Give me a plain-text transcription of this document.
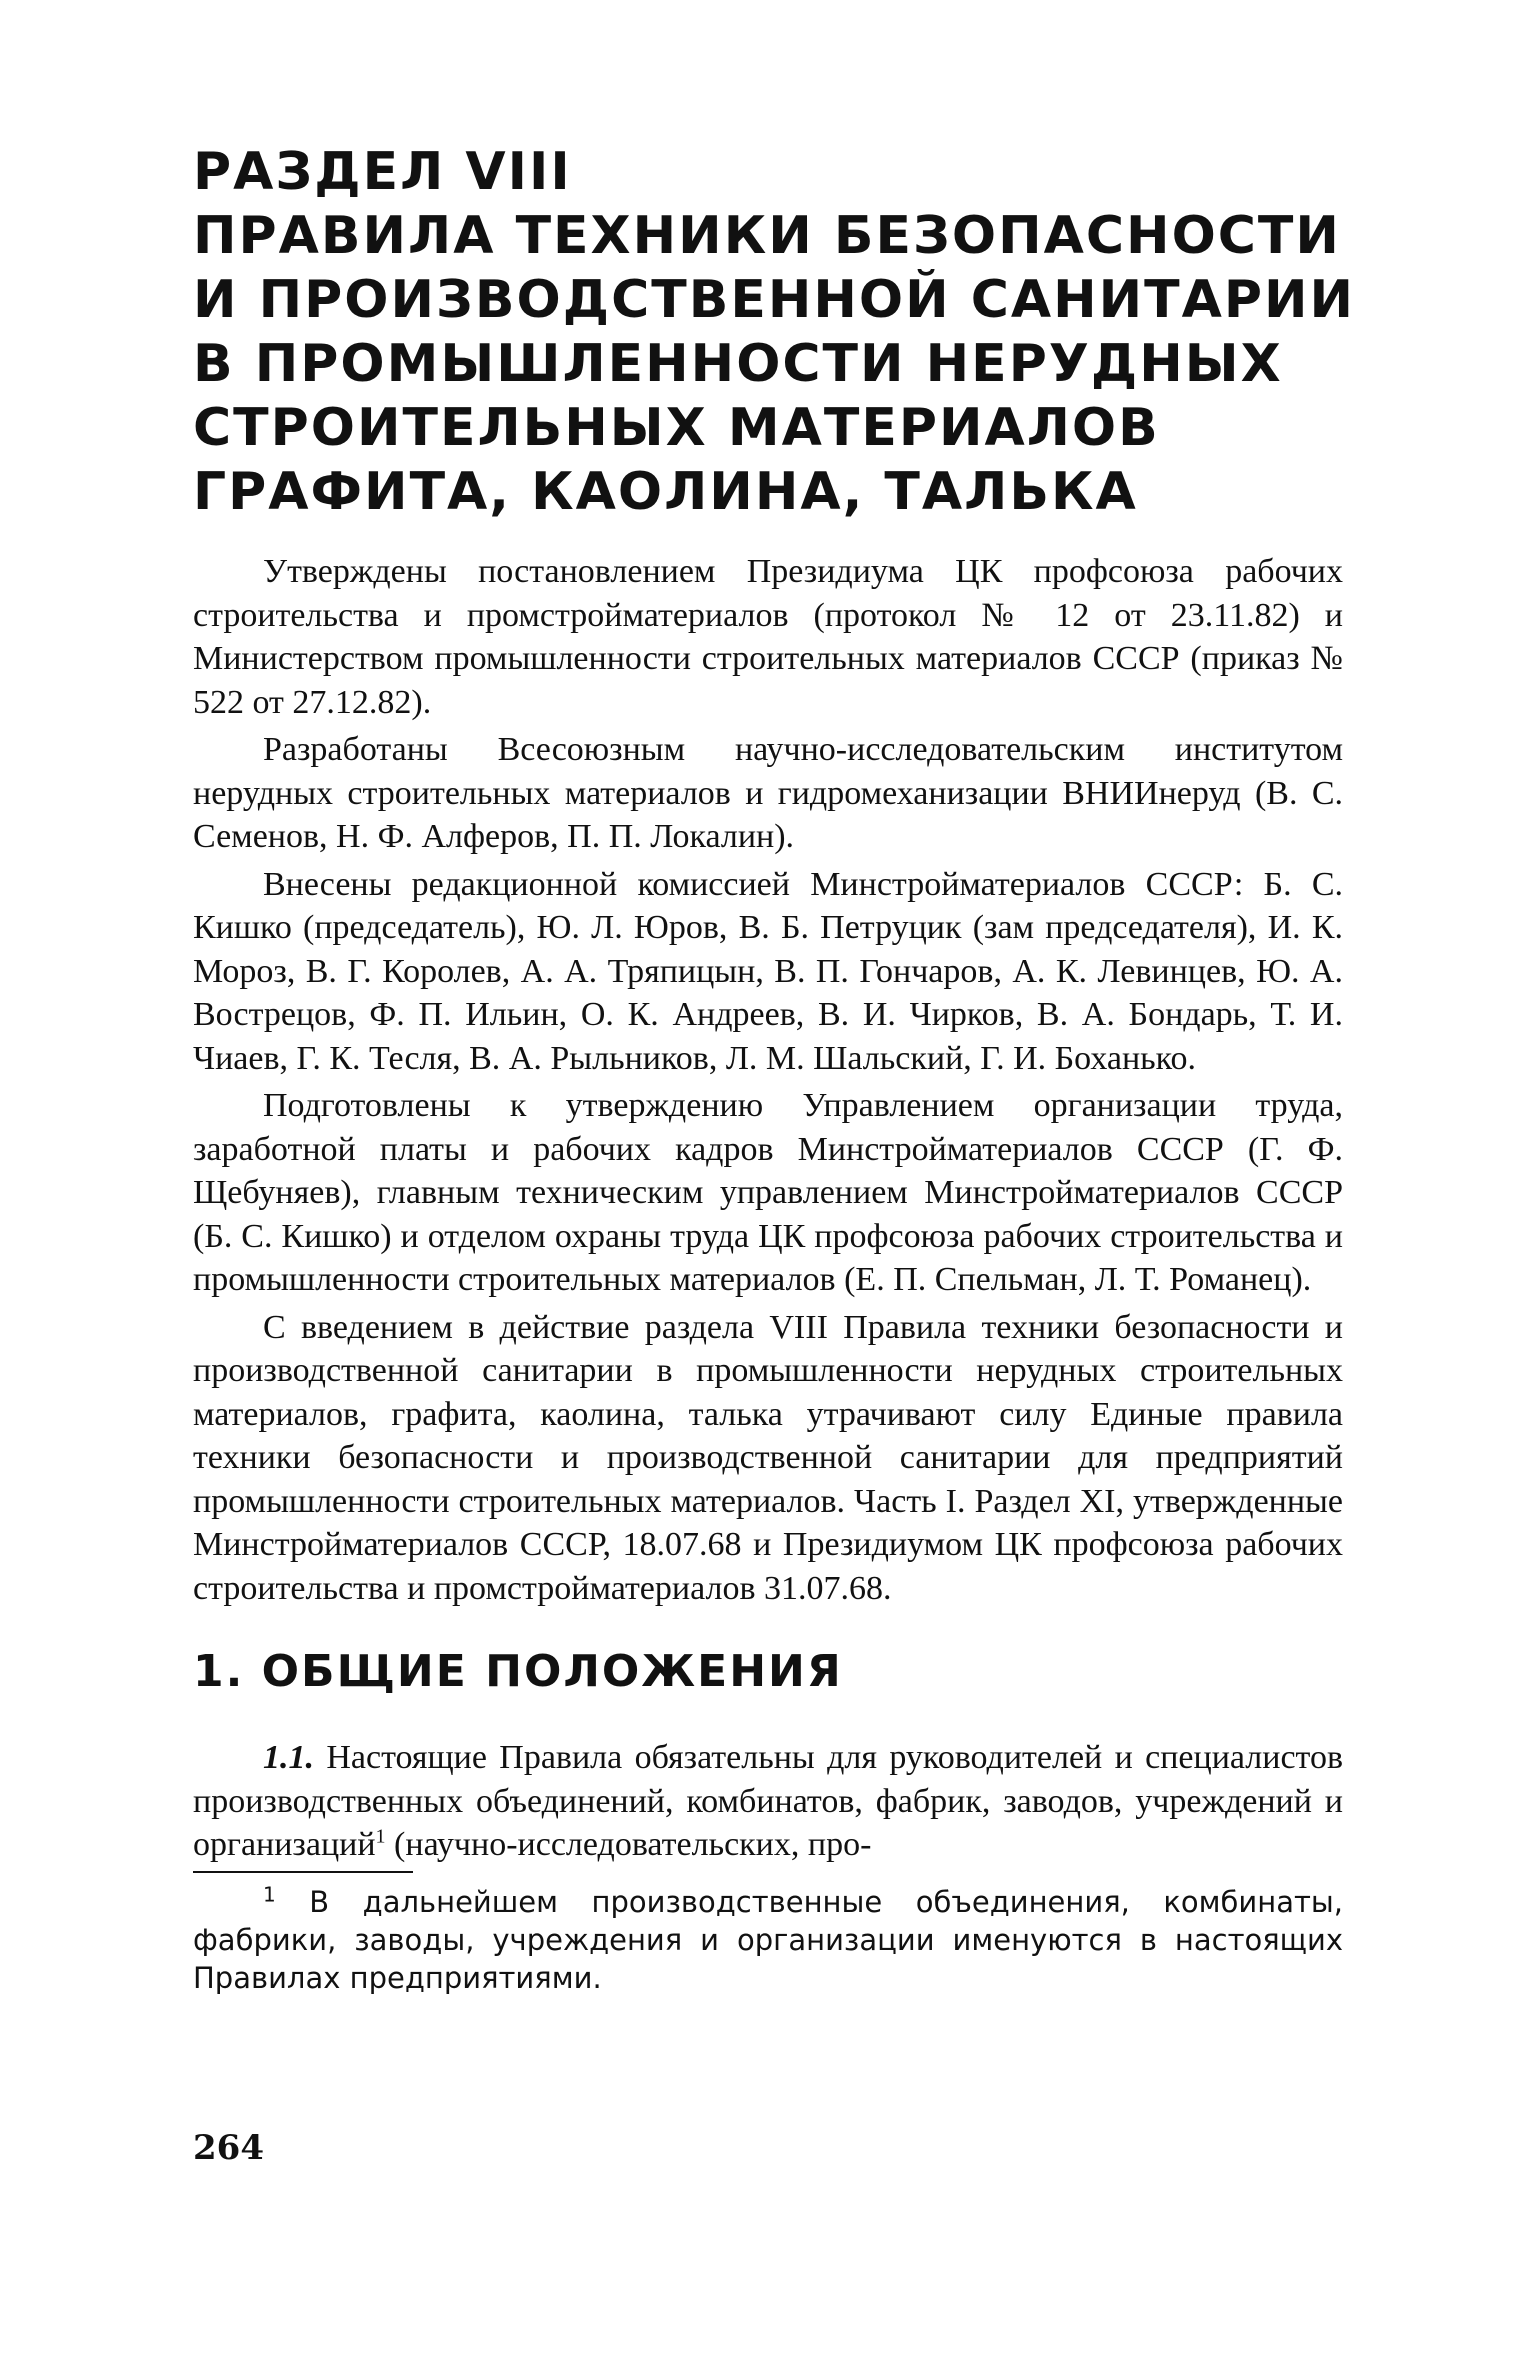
РАЗДЕЛ VIII

ПРАВИЛА ТЕХНИКИ БЕЗОПАСНОСТИ

И ПРОИЗВОДСТВЕННОЙ САНИТАРИИ

В ПРОМЫШЛЕННОСТИ НЕРУДНЫХ

СТРОИТЕЛЬНЫХ МАТЕРИАЛОВ

ГРАФИТА, КАОЛИНА, ТАЛЬКА

Утверждены постановлением Президиума ЦК профсоюза рабочих строительства и промстройматериалов (протокол № 12 от 23.11.82) и Министерством промышленности строительных материалов СССР (приказ № 522 от 27.12.82).

Разработаны Всесоюзным научно-исследовательским институтом нерудных строительных материалов и гидромеханизации ВНИИнеруд (В. С. Семенов, Н. Ф. Алферов, П. П. Локалин).

Внесены редакционной комиссией Минстройматериалов СССР: Б. С. Кишко (председатель), Ю. Л. Юров, В. Б. Петруцик (зам председателя), И. К. Мороз, В. Г. Королев, А. А. Тряпицын, В. П. Гончаров, А. К. Левинцев, Ю. А. Вострецов, Ф. П. Ильин, О. К. Андреев, В. И. Чирков, В. А. Бондарь, Т. И. Чиаев, Г. К. Тесля, В. А. Рыльников, Л. М. Шальский, Г. И. Боханько.

Подготовлены к утверждению Управлением организации труда, заработной платы и рабочих кадров Минстройматериалов СССР (Г. Ф. Щебуняев), главным техническим управлением Минстройматериалов СССР (Б. С. Кишко) и отделом охраны труда ЦК профсоюза рабочих строительства и промышленности строительных материалов (Е. П. Спельман, Л. Т. Романец).

С введением в действие раздела VIII Правила техники безопасности и производственной санитарии в промышленности нерудных строительных материалов, графита, каолина, талька утрачивают силу Единые правила техники безопасности и производственной санитарии для предприятий промышленности строительных материалов. Часть I. Раздел XI, утвержденные Минстройматериалов СССР, 18.07.68 и Президиумом ЦК профсоюза рабочих строительства и промстройматериалов 31.07.68.

1. ОБЩИЕ ПОЛОЖЕНИЯ

1.1. Настоящие Правила обязательны для руководителей и специалистов производственных объединений, комбинатов, фабрик, заводов, учреждений и организаций$^1$ (научно-исследовательских, про-

$^1$ В дальнейшем производственные объединения, комбинаты, фабрики, заводы, учреждения и организации именуются в настоящих Правилах предприятиями.

264
